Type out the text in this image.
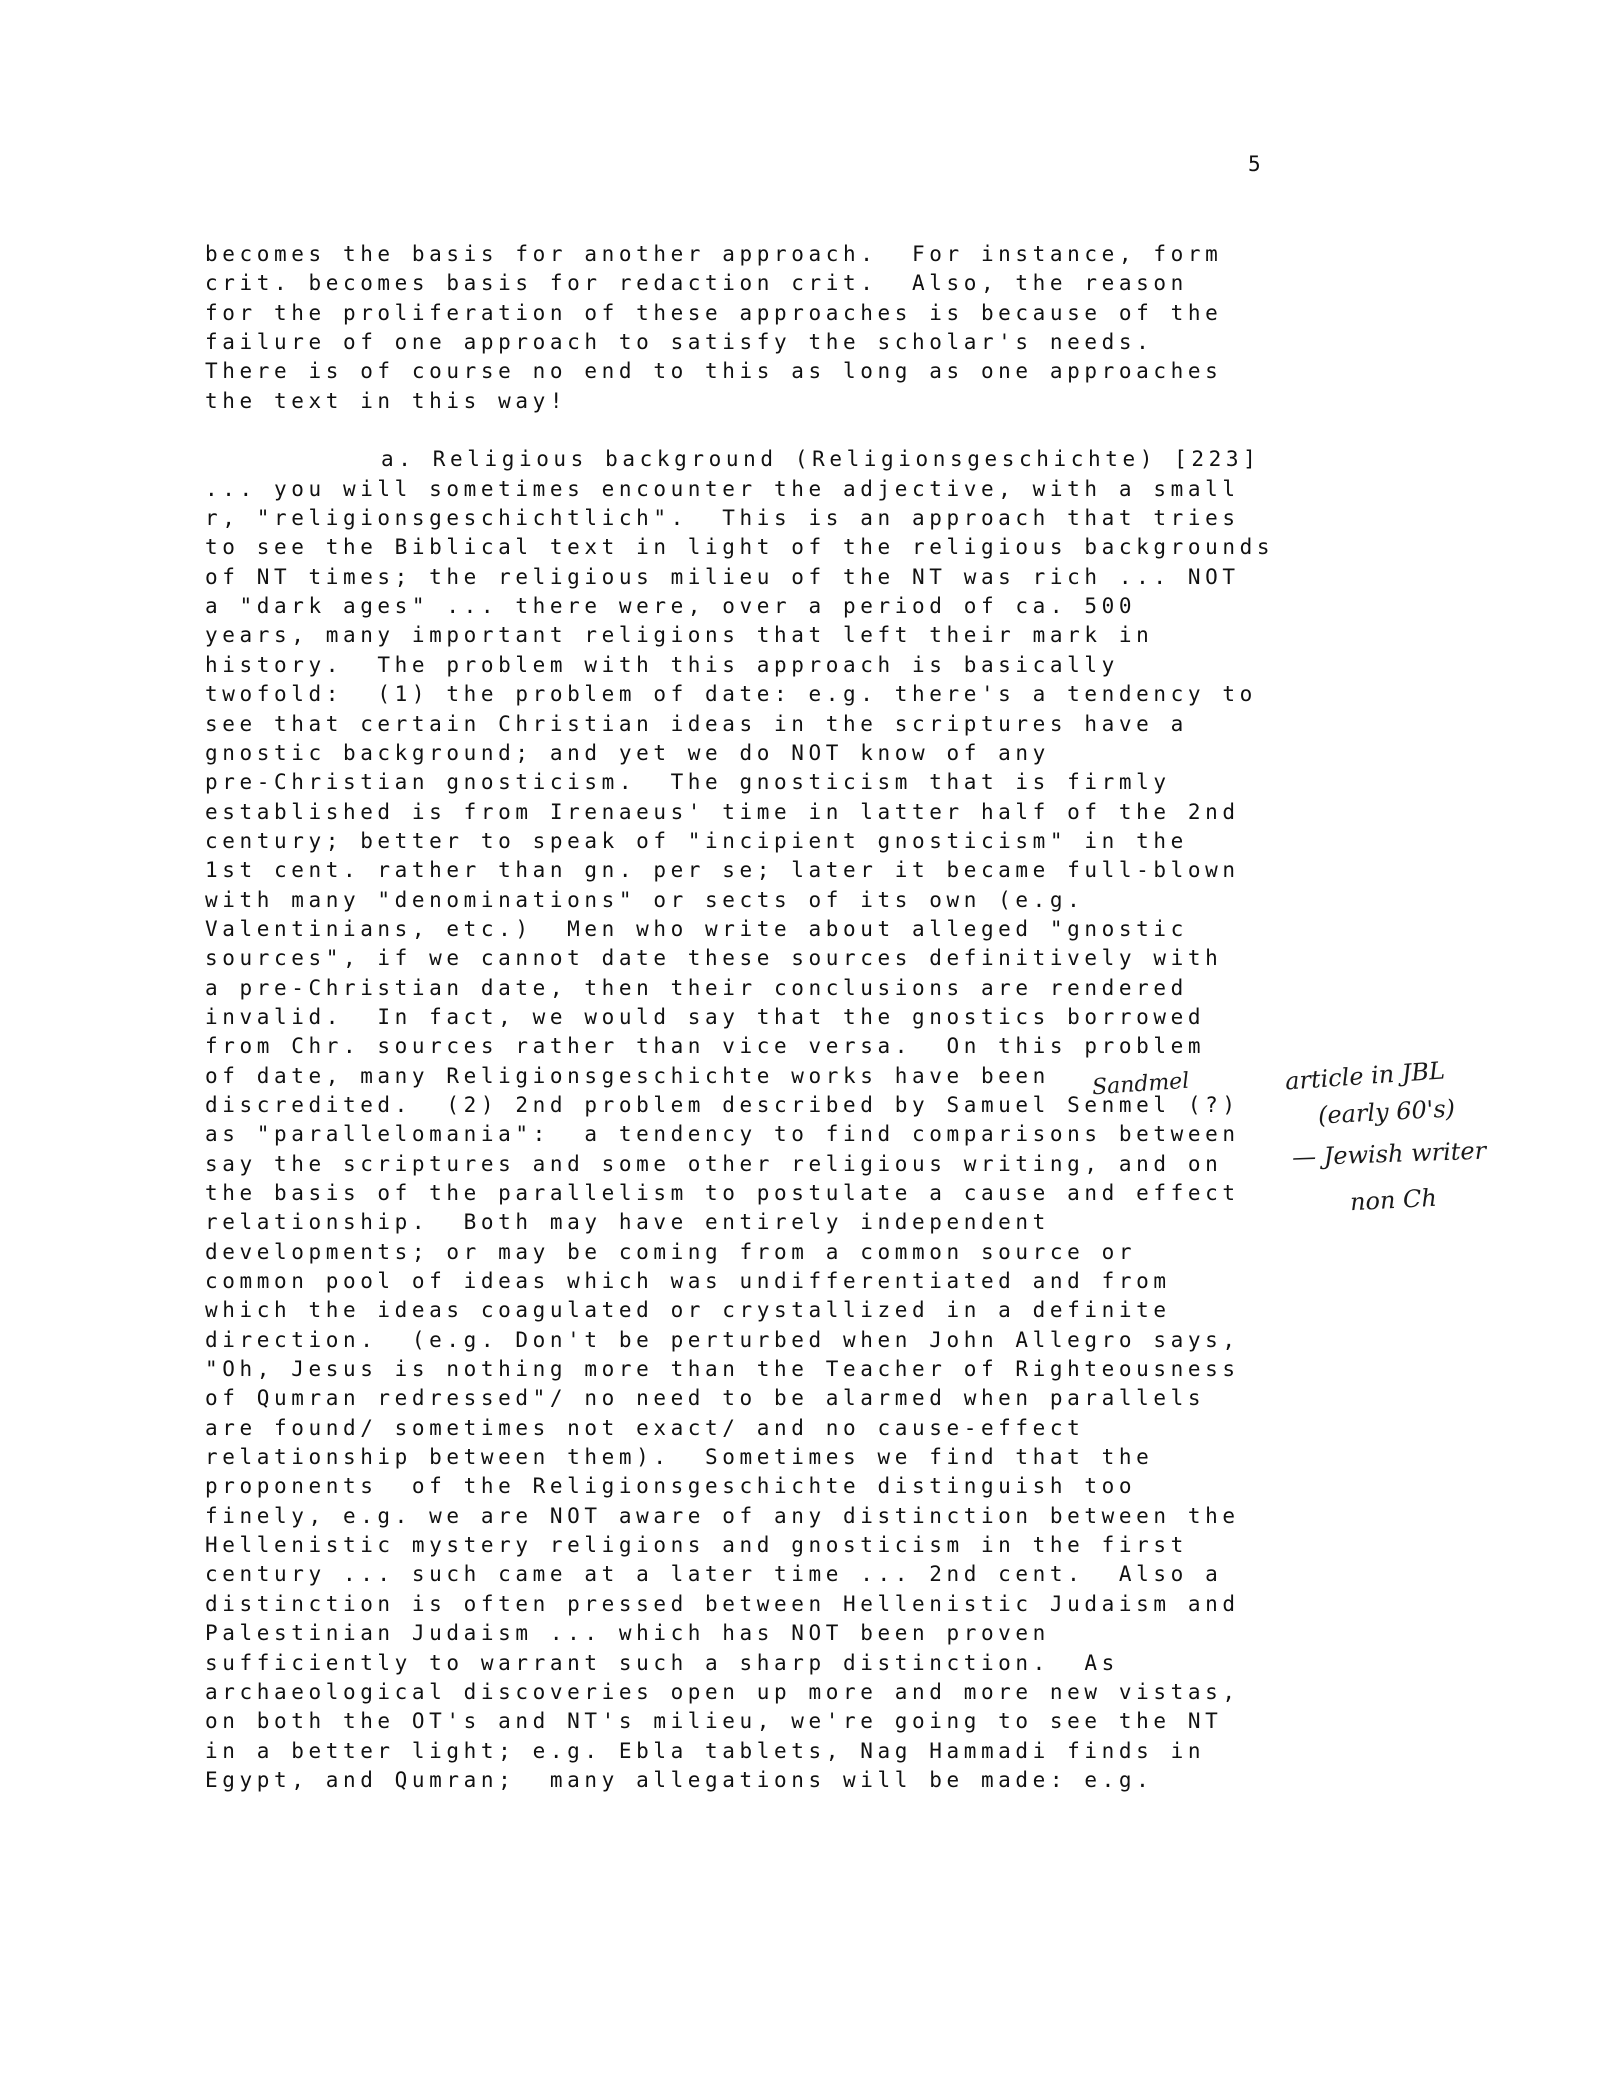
5
becomes the basis for another approach.  For instance, form
crit. becomes basis for redaction crit.  Also, the reason
for the proliferation of these approaches is because of the
failure of one approach to satisfy the scholar's needs.
There is of course no end to this as long as one approaches
the text in this way!
a. Religious background (Religionsgeschichte) [223]
... you will sometimes encounter the adjective, with a small
r, "religionsgeschichtlich".  This is an approach that tries
to see the Biblical text in light of the religious backgrounds
of NT times; the religious milieu of the NT was rich ... NOT
a "dark ages" ... there were, over a period of ca. 500
years, many important religions that left their mark in
history.  The problem with this approach is basically
twofold:  (1) the problem of date: e.g. there's a tendency to
see that certain Christian ideas in the scriptures have a
gnostic background; and yet we do NOT know of any
pre-Christian gnosticism.  The gnosticism that is firmly
established is from Irenaeus' time in latter half of the 2nd
century; better to speak of "incipient gnosticism" in the
1st cent. rather than gn. per se; later it became full-blown
with many "denominations" or sects of its own (e.g.
Valentinians, etc.)  Men who write about alleged "gnostic
sources", if we cannot date these sources definitively with
a pre-Christian date, then their conclusions are rendered
invalid.  In fact, we would say that the gnostics borrowed
from Chr. sources rather than vice versa.  On this problem
of date, many Religionsgeschichte works have been
discredited.  (2) 2nd problem described by Samuel Senmel (?)
as "parallelomania":  a tendency to find comparisons between
say the scriptures and some other religious writing, and on
the basis of the parallelism to postulate a cause and effect
relationship.  Both may have entirely independent
developments; or may be coming from a common source or
common pool of ideas which was undifferentiated and from
which the ideas coagulated or crystallized in a definite
direction.  (e.g. Don't be perturbed when John Allegro says,
"Oh, Jesus is nothing more than the Teacher of Righteousness
of Qumran redressed"/ no need to be alarmed when parallels
are found/ sometimes not exact/ and no cause-effect
relationship between them).  Sometimes we find that the
proponents  of the Religionsgeschichte distinguish too
finely, e.g. we are NOT aware of any distinction between the
Hellenistic mystery religions and gnosticism in the first
century ... such came at a later time ... 2nd cent.  Also a
distinction is often pressed between Hellenistic Judaism and
Palestinian Judaism ... which has NOT been proven
sufficiently to warrant such a sharp distinction.  As
archaeological discoveries open up more and more new vistas,
on both the OT's and NT's milieu, we're going to see the NT
in a better light; e.g. Ebla tablets, Nag Hammadi finds in
Egypt, and Qumran;  many allegations will be made: e.g.
Sandmel	article in JBL
(early 60's)
— Jewish writer
non Ch
